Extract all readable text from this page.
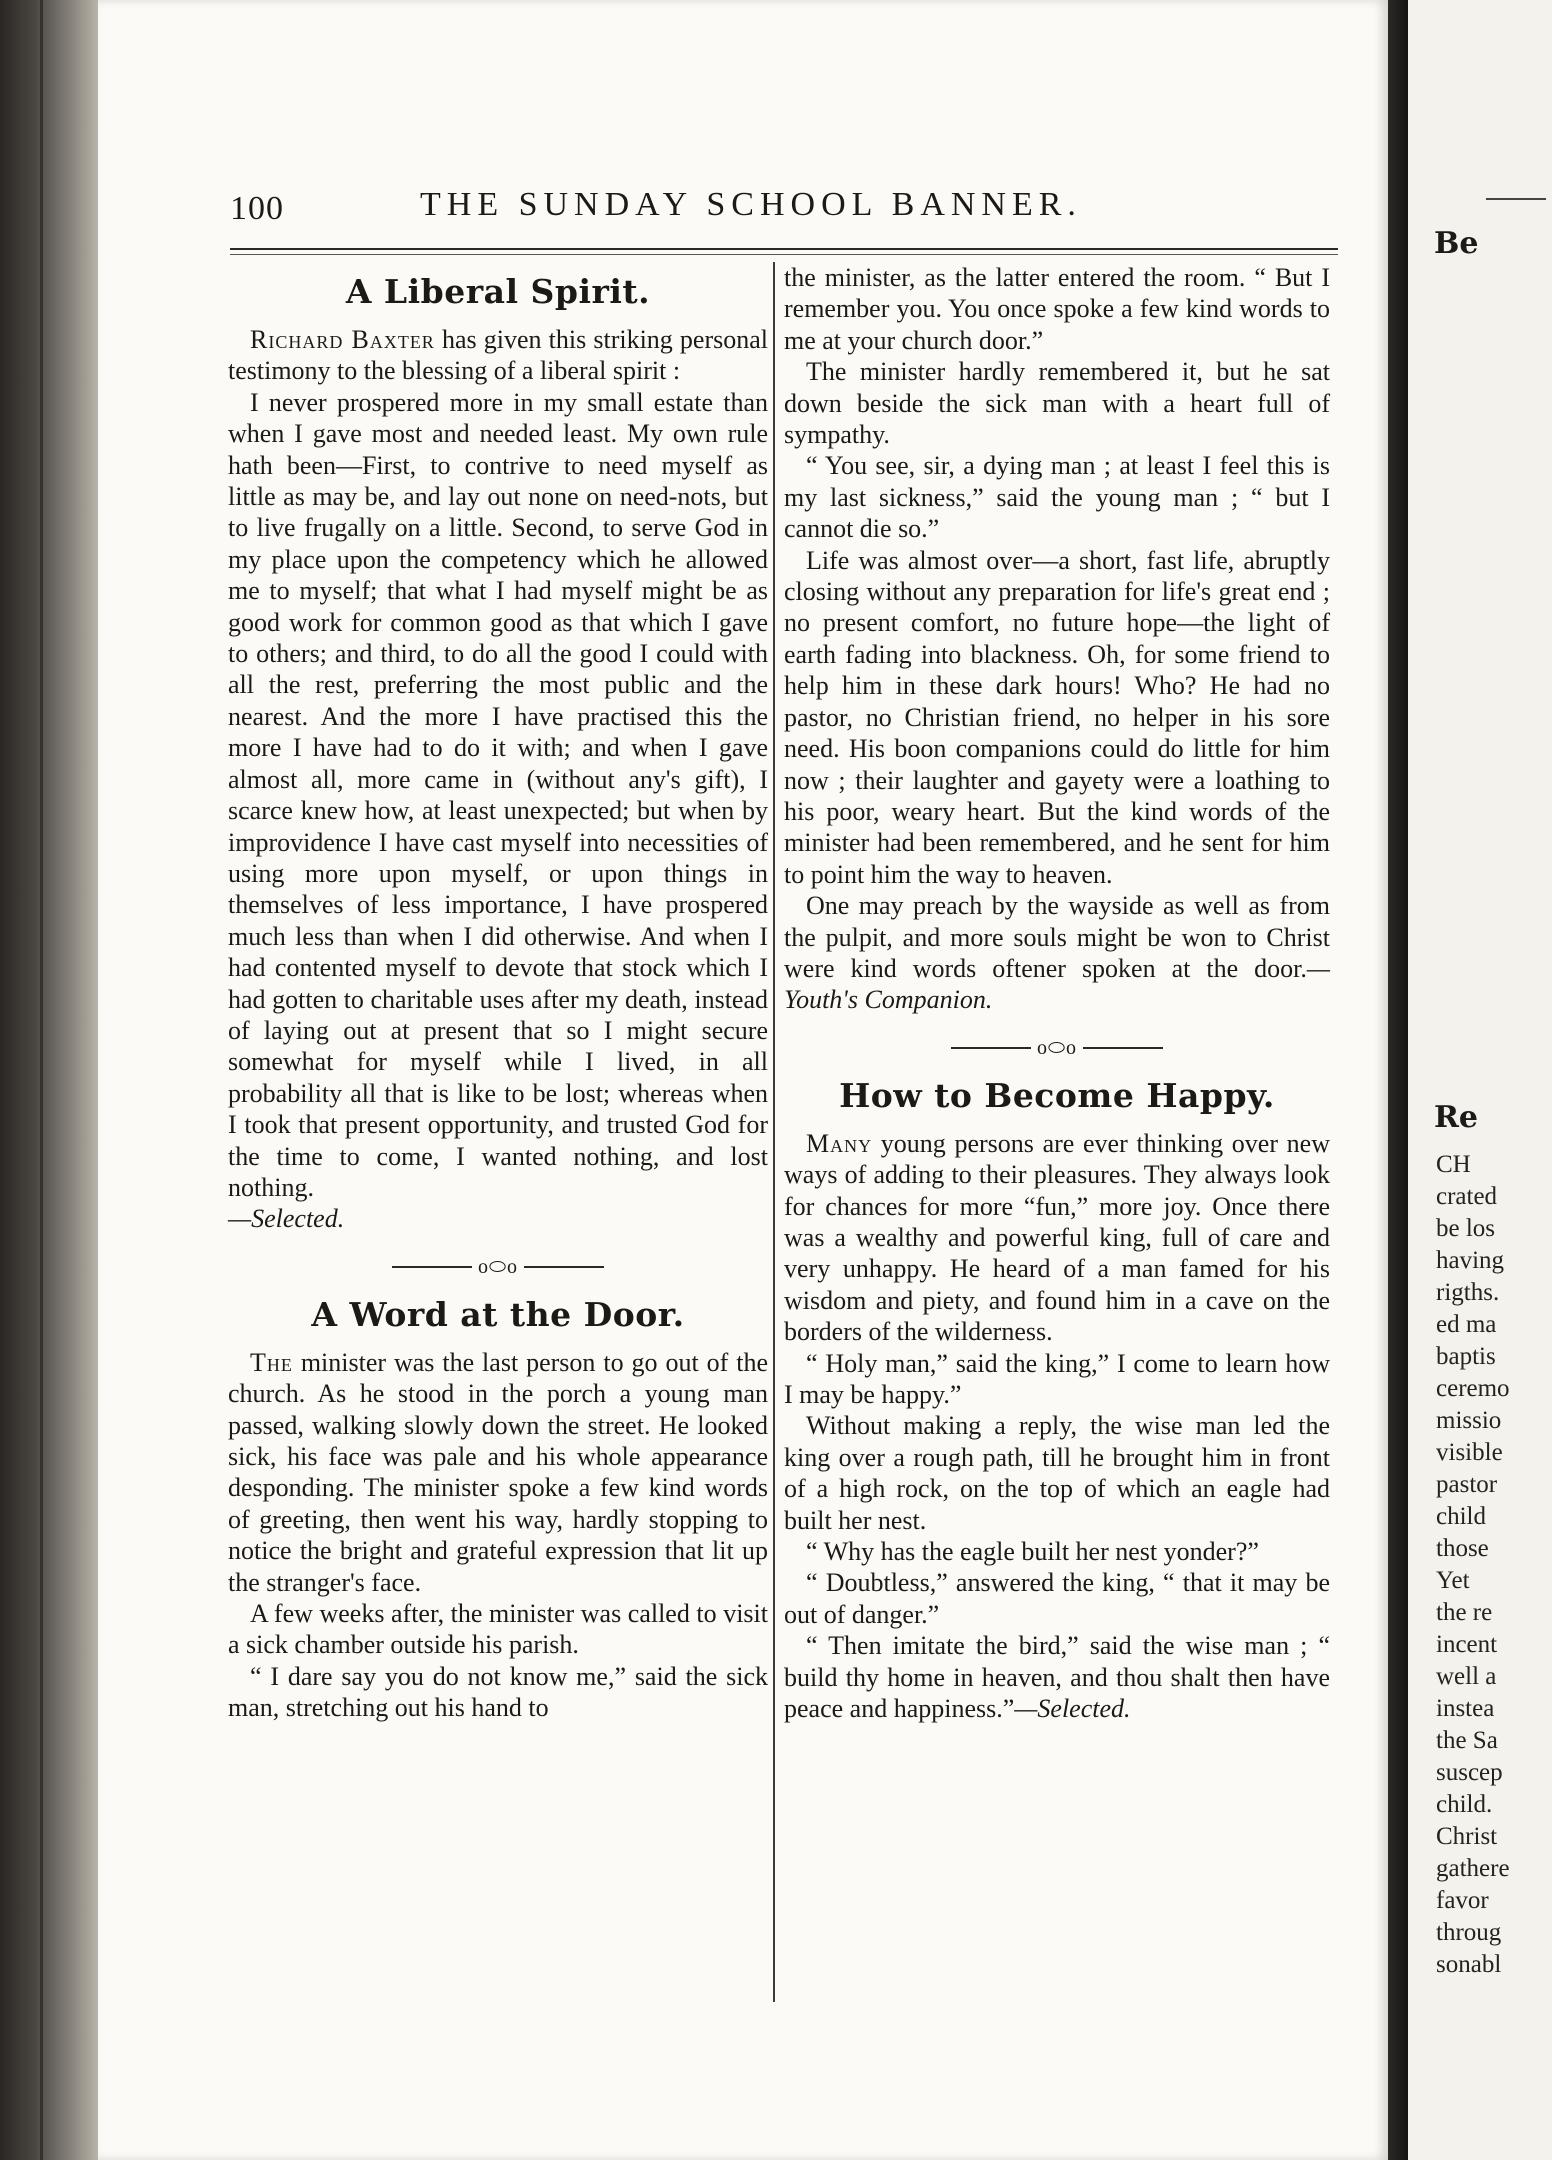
100	THE SUNDAY SCHOOL BANNER.
A Liberal Spirit.

Richard Baxter has given this striking personal testimony to the blessing of a liberal spirit :

I never prospered more in my small estate than when I gave most and needed least. My own rule hath been—First, to contrive to need myself as little as may be, and lay out none on need-nots, but to live frugally on a little. Second, to serve God in my place upon the competency which he allowed me to myself; that what I had myself might be as good work for common good as that which I gave to others; and third, to do all the good I could with all the rest, preferring the most public and the nearest. And the more I have practised this the more I have had to do it with; and when I gave almost all, more came in (without any's gift), I scarce knew how, at least unexpected; but when by improvidence I have cast myself into necessities of using more upon myself, or upon things in themselves of less importance, I have prospered much less than when I did otherwise. And when I had contented myself to devote that stock which I had gotten to charitable uses after my death, instead of laying out at present that so I might secure somewhat for myself while I lived, in all probability all that is like to be lost; whereas when I took that present opportunity, and trusted God for the time to come, I wanted nothing, and lost nothing.

—Selected.

o⬭o
A Word at the Door.

The minister was the last person to go out of the church. As he stood in the porch a young man passed, walking slowly down the street. He looked sick, his face was pale and his whole appearance desponding. The minister spoke a few kind words of greeting, then went his way, hardly stopping to notice the bright and grateful expression that lit up the stranger's face.

A few weeks after, the minister was called to visit a sick chamber outside his parish.

“ I dare say you do not know me,” said the sick man, stretching out his hand to

the minister, as the latter entered the room. “ But I remember you. You once spoke a few kind words to me at your church door.”

The minister hardly remembered it, but he sat down beside the sick man with a heart full of sympathy.

“ You see, sir, a dying man ; at least I feel this is my last sickness,” said the young man ; “ but I cannot die so.”

Life was almost over—a short, fast life, abruptly closing without any preparation for life's great end ; no present comfort, no future hope—the light of earth fading into blackness. Oh, for some friend to help him in these dark hours! Who? He had no pastor, no Christian friend, no helper in his sore need. His boon companions could do little for him now ; their laughter and gayety were a loathing to his poor, weary heart. But the kind words of the minister had been remembered, and he sent for him to point him the way to heaven.

One may preach by the wayside as well as from the pulpit, and more souls might be won to Christ were kind words oftener spoken at the door.—Youth's Companion.

o⬭o
How to Become Happy.

Many young persons are ever thinking over new ways of adding to their pleasures. They always look for chances for more “fun,” more joy. Once there was a wealthy and powerful king, full of care and very unhappy. He heard of a man famed for his wisdom and piety, and found him in a cave on the borders of the wilderness.

“ Holy man,” said the king,” I come to learn how I may be happy.”

Without making a reply, the wise man led the king over a rough path, till he brought him in front of a high rock, on the top of which an eagle had built her nest.

“ Why has the eagle built her nest yonder?”

“ Doubtless,” answered the king, “ that it may be out of danger.”

“ Then imitate the bird,” said the wise man ; “ build thy home in heaven, and thou shalt then have peace and happiness.”—Selected.

Be
Re
CH
crated
be los
having
rigths.
ed ma
baptis
ceremo
missio
visible
pastor
child
those
Yet
the re
incent
well a
instea
the Sa
suscep
child.
Christ
gathere
favor
throug
sonabl
